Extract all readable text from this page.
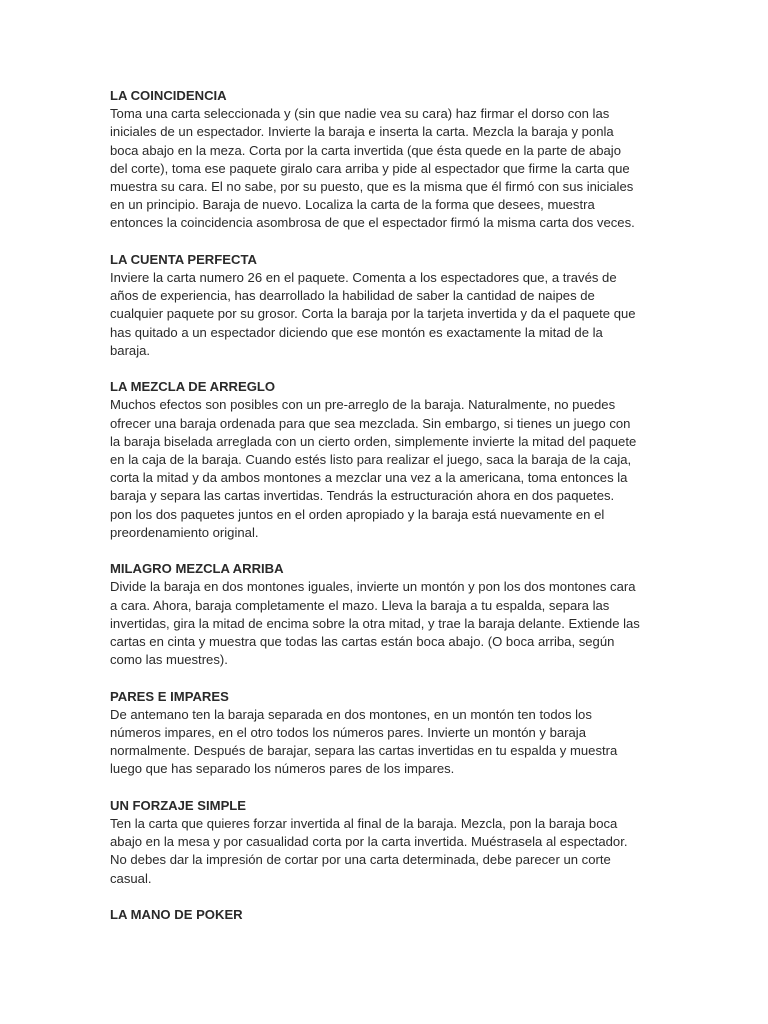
LA COINCIDENCIA

Toma una carta seleccionada y (sin que nadie vea su cara) haz firmar el dorso con las

iniciales de un espectador. Invierte la baraja e inserta la carta. Mezcla la baraja y ponla

boca abajo en la meza. Corta por la carta invertida (que ésta quede en la parte de abajo

del corte), toma ese paquete giralo cara arriba y pide al espectador que firme la carta que

muestra su cara. El no sabe, por su puesto, que es la misma que él firmó con sus iniciales

en un principio. Baraja de nuevo. Localiza la carta de la forma que desees, muestra

entonces la coincidencia asombrosa de que el espectador firmó la misma carta dos veces.

LA CUENTA PERFECTA

Inviere la carta numero 26 en el paquete. Comenta a los espectadores que, a través de

años de experiencia, has dearrollado la habilidad de saber la cantidad de naipes de

cualquier paquete por su grosor. Corta la baraja por la tarjeta invertida y da el paquete que

has quitado a un espectador diciendo que ese montón es exactamente la mitad de la

baraja.

LA MEZCLA DE ARREGLO

Muchos efectos son posibles con un pre-arreglo de la baraja. Naturalmente, no puedes

ofrecer una baraja ordenada para que sea mezclada. Sin embargo, si tienes un juego con

la baraja biselada arreglada con un cierto orden, simplemente invierte la mitad del paquete

en la caja de la baraja. Cuando estés listo para realizar el juego, saca la baraja de la caja,

corta la mitad y da ambos montones a mezclar una vez a la americana, toma entonces la

baraja y separa las cartas invertidas. Tendrás la estructuración ahora en dos paquetes.

pon los dos paquetes juntos en el orden apropiado y la baraja está nuevamente en el

preordenamiento original.

MILAGRO MEZCLA ARRIBA

Divide la baraja en dos montones iguales, invierte un montón y pon los dos montones cara

a cara. Ahora, baraja completamente el mazo. Lleva la baraja a tu espalda, separa las

invertidas, gira la mitad de encima sobre la otra mitad, y trae la baraja delante. Extiende las

cartas en cinta y muestra que todas las cartas están boca abajo. (O boca arriba, según

como las muestres).

PARES E IMPARES

De antemano ten la baraja separada en dos montones, en un montón ten todos los

números impares, en el otro todos los números pares. Invierte un montón y baraja

normalmente. Después de barajar, separa las cartas invertidas en tu espalda y muestra

luego que has separado los números pares de los impares.

UN FORZAJE SIMPLE

Ten la carta que quieres forzar invertida al final de la baraja. Mezcla, pon la baraja boca

abajo en la mesa y por casualidad corta por la carta invertida. Muéstrasela al espectador.

No debes dar la impresión de cortar por una carta determinada, debe parecer un corte

casual.

LA MANO DE POKER
